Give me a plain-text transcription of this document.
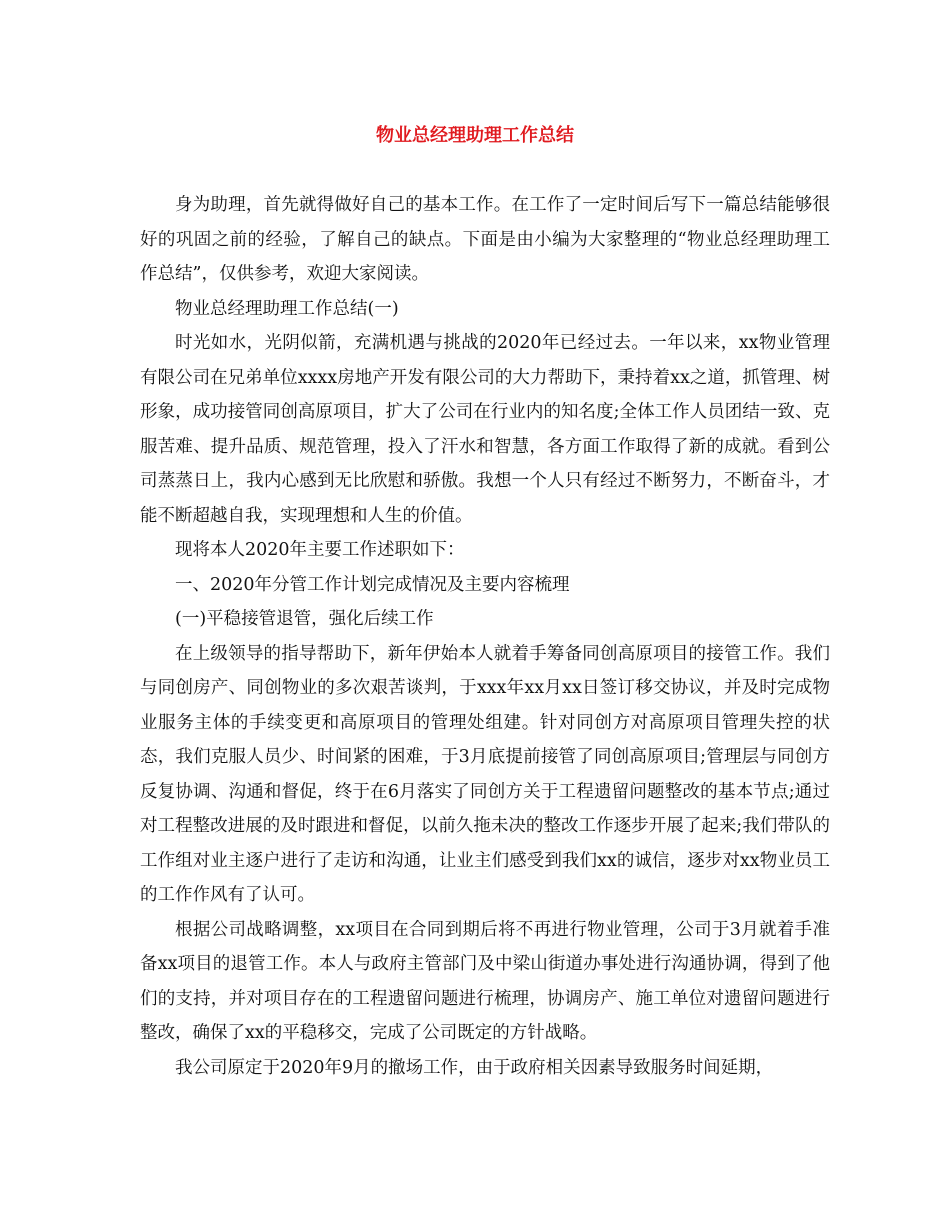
物业总经理助理工作总结

身为助理，首先就得做好自己的基本工作。在工作了一定时间后写下一篇总结能够很好的巩固之前的经验，了解自己的缺点。下面是由小编为大家整理的“物业总经理助理工作总结”，仅供参考，欢迎大家阅读。

物业总经理助理工作总结(一)

时光如水，光阴似箭，充满机遇与挑战的2020年已经过去。一年以来，xx物业管理有限公司在兄弟单位xxxx房地产开发有限公司的大力帮助下，秉持着xx之道，抓管理、树形象，成功接管同创高原项目，扩大了公司在行业内的知名度;全体工作人员团结一致、克服苦难、提升品质、规范管理，投入了汗水和智慧，各方面工作取得了新的成就。看到公司蒸蒸日上，我内心感到无比欣慰和骄傲。我想一个人只有经过不断努力，不断奋斗，才能不断超越自我，实现理想和人生的价值。

现将本人2020年主要工作述职如下：

一、2020年分管工作计划完成情况及主要内容梳理

(一)平稳接管退管，强化后续工作

在上级领导的指导帮助下，新年伊始本人就着手筹备同创高原项目的接管工作。我们与同创房产、同创物业的多次艰苦谈判，于xxx年xx月xx日签订移交协议，并及时完成物业服务主体的手续变更和高原项目的管理处组建。针对同创方对高原项目管理失控的状态，我们克服人员少、时间紧的困难，于3月底提前接管了同创高原项目;管理层与同创方反复协调、沟通和督促，终于在6月落实了同创方关于工程遗留问题整改的基本节点;通过对工程整改进展的及时跟进和督促，以前久拖未决的整改工作逐步开展了起来;我们带队的工作组对业主逐户进行了走访和沟通，让业主们感受到我们xx的诚信，逐步对xx物业员工的工作作风有了认可。

根据公司战略调整，xx项目在合同到期后将不再进行物业管理，公司于3月就着手准备xx项目的退管工作。本人与政府主管部门及中梁山街道办事处进行沟通协调，得到了他们的支持，并对项目存在的工程遗留问题进行梳理，协调房产、施工单位对遗留问题进行整改，确保了xx的平稳移交，完成了公司既定的方针战略。

我公司原定于2020年9月的撤场工作，由于政府相关因素导致服务时间延期，
